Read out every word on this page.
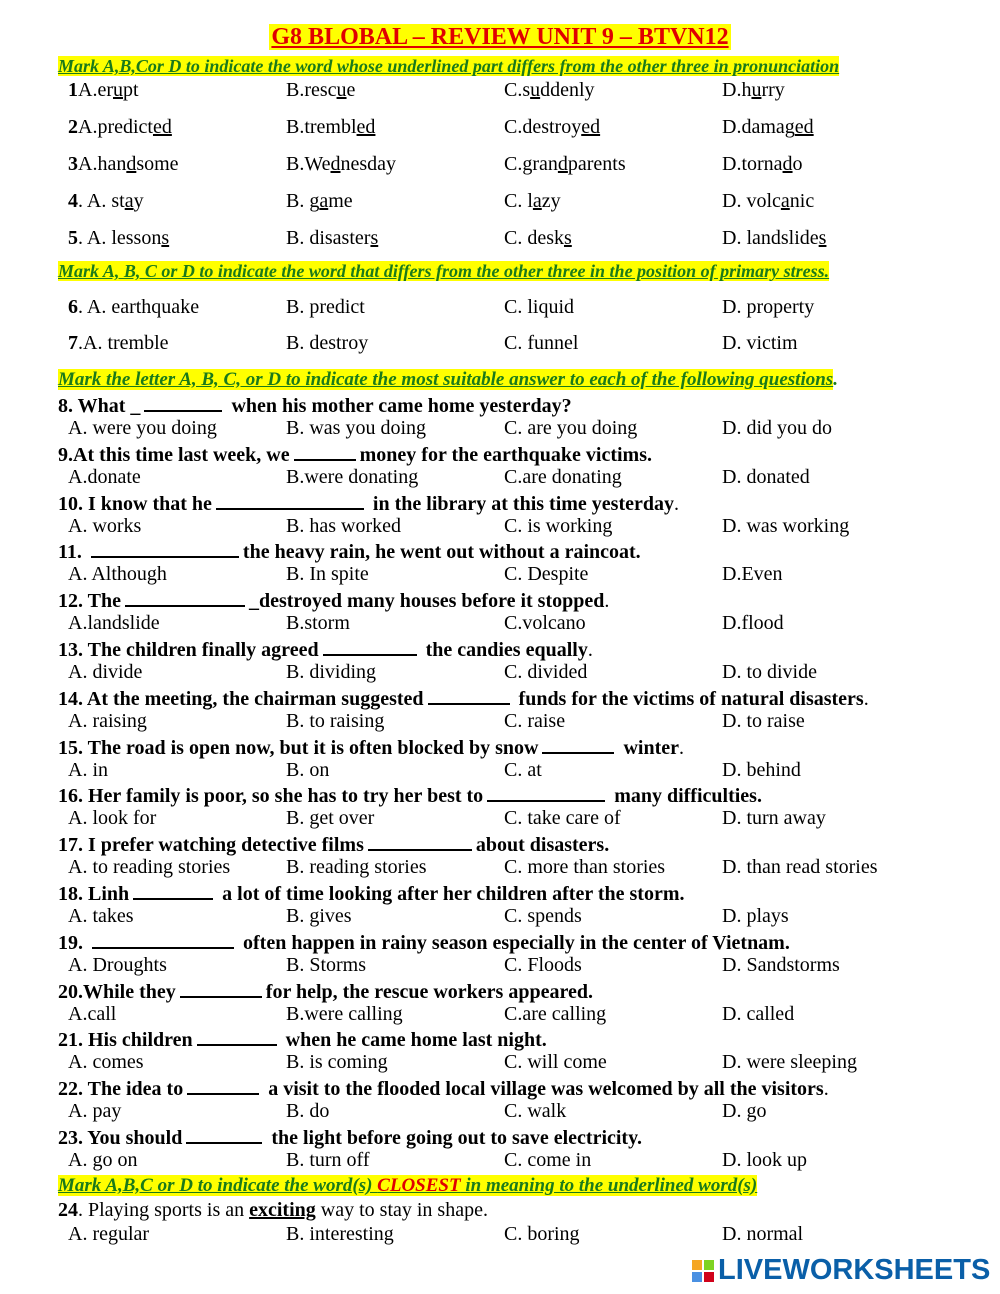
G8 BLOBAL – REVIEW UNIT 9 – BTVN12
Mark A,B,Cor D to indicate the word whose underlined part differs from the other three in pronunciation
1A.erupt	B.rescue	C.suddenly	D.hurry
2A.predicted	B.trembled	C.destroyed	D.damaged
3A.handsome	B.Wednesday	C.grandparents	D.tornado
4. A. stay	B. game	C. lazy	D. volcanic
5. A. lessons	B. disasters	C. desks	D. landslides
Mark A, B, C or D to indicate the word that differs from the other three in the position of primary stress.
6. A. earthquake	B. predict	C. liquid	D. property
7.A. tremble	B. destroy	C. funnel	D. victim
Mark the letter A, B, C, or D to indicate the most suitable answer to each of the following questions.
8. What _	when his mother came home yesterday?
A. were you doing	B. was you doing	C. are you doing	D. did you do
9.At this time last week, we	money for the earthquake victims.
A.donate	B.were donating	C.are donating	D. donated
10. I know that he	in the library at this time yesterday.
A. works	B. has worked	C. is working	D. was working
11.	the heavy rain, he went out without a raincoat.
A. Although	B. In spite	C. Despite	D.Even
12. The	_destroyed many houses before it stopped.
A.landslide	B.storm	C.volcano	D.flood
13. The children finally agreed	the candies equally.
A. divide	B. dividing	C. divided	D. to divide
14. At the meeting, the chairman suggested	funds for the victims of natural disasters.
A. raising	B. to raising	C. raise	D. to raise
15. The road is open now, but it is often blocked by snow	winter.
A. in	B. on	C. at	D. behind
16. Her family is poor, so she has to try her best to	many difficulties.
A. look for	B. get over	C. take care of	D. turn away
17. I prefer watching detective films	about disasters.
A. to reading stories	B. reading stories	C. more than stories	D. than read stories
18. Linh	a lot of time looking after her children after the storm.
A. takes	B. gives	C. spends	D. plays
19.	often happen in rainy season especially in the center of Vietnam.
A. Droughts	B. Storms	C. Floods	D. Sandstorms
20.While they	for help, the rescue workers appeared.
A.call	B.were calling	C.are calling	D. called
21. His children	when he came home last night.
A. comes	B. is coming	C. will come	D. were sleeping
22. The idea to	a visit to the flooded local village was welcomed by all the visitors.
A. pay	B. do	C. walk	D. go
23. You should	the light before going out to save electricity.
A. go on	B. turn off	C. come in	D. look up
Mark A,B,C or D to indicate the word(s) CLOSEST in meaning to the underlined word(s)
24. Playing sports is an exciting way to stay in shape.
A. regular	B. interesting	C. boring	D. normal
LIVEWORKSHEETS
